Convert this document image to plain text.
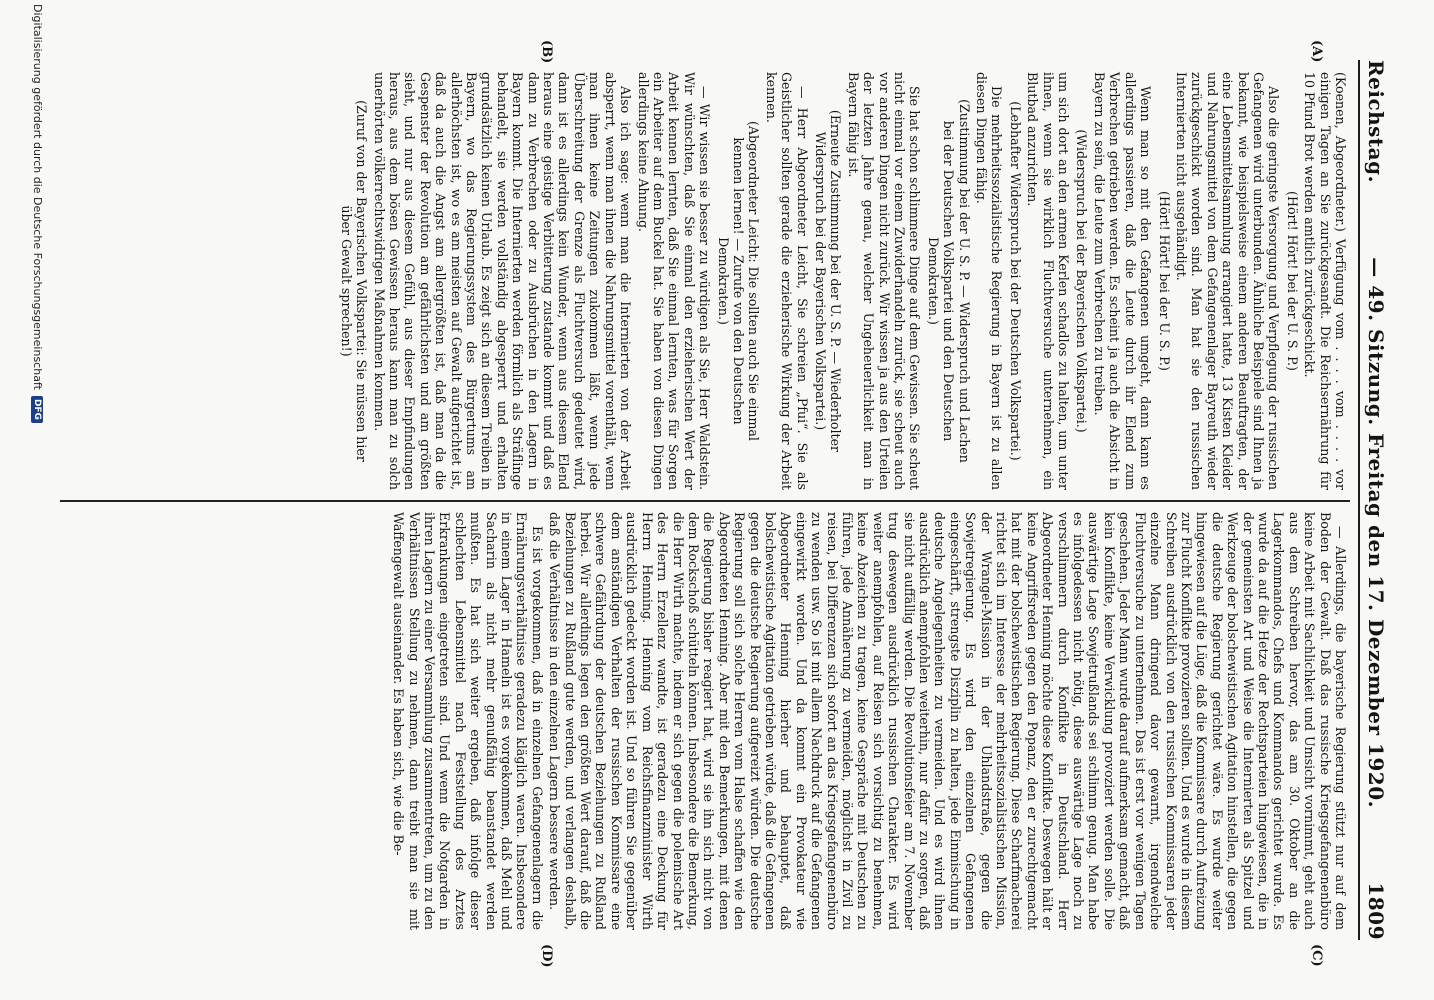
Reichstag.
— 49. Sitzung. Freitag den 17. Dezember 1920.
1809
(A)
(B)
(C)
(D)

(Koenen, Abgeordneter.) Verfügung vom . . . . vom . . . . vor einigen Tagen an Sie zurückgesandt. Die Reichsernährung für 10 Pfund Brot werden amtlich zurückgeschickt.

(Hört! Hört! bei der U. S. P.)

Also die geringste Versorgung und Verpflegung der russischen Gefangenen wird unterbunden. Ähnliche Beispiele sind Ihnen ja bekannt, wie beispielsweise einem anderen Beauftragten, der eine Lebensmittelsammlung arrangiert hatte, 13 Kisten Kleider und Nahrungsmittel von dem Gefangenenlager Bayreuth wieder zurückgeschickt worden sind. Man hat sie den russischen Internierten nicht ausgehändigt.

(Hört! Hört! bei der U. S. P.)

Wenn man so mit den Gefangenen umgeht, dann kann es allerdings passieren, daß die Leute durch ihr Elend zum Verbrechen getrieben werden. Es scheint ja auch die Absicht in Bayern zu sein, die Leute zum Verbrechen zu treiben.

(Widerspruch bei der Bayerischen Volkspartei.)

um sich dort an den armen Kerlen schadlos zu halten, um unter ihnen, wenn sie wirklich Fluchtversuche unternehmen, ein Blutbad anzurichten.

(Lebhafter Widerspruch bei der Deutschen Volkspartei.)

Die mehrheitssozialistische Regierung in Bayern ist zu allen diesen Dingen fähig.

(Zustimmung bei der U. S. P. — Widerspruch und Lachen bei der Deutschen Volkspartei und den Deutschen Demokraten.)

Sie hat schon schlimmere Dinge auf dem Gewissen. Sie scheut nicht einmal vor einem Zuwiderhandeln zurück, sie scheut auch vor anderen Dingen nicht zurück. Wir wissen ja aus den Urteilen der letzten Jahre genau, welcher Ungeheuerlichkeit man in Bayern fähig ist.

(Erneute Zustimmung bei der U. S. P. — Wiederholter Widerspruch bei der Bayerischen Volkspartei.)

— Herr Abgeordneter Leicht, Sie schreien „Pfui“. Sie als Geistlicher sollten gerade die erzieherische Wirkung der Arbeit kennen.

(Abgeordneter Leicht: Die sollten auch Sie einmal kennen lernen! — Zurufe von den Deutschen Demokraten.)

— Wir wissen sie besser zu würdigen als Sie, Herr Waldstein. Wir wünschten, daß Sie einmal den erzieherischen Wert der Arbeit kennen lernten, daß Sie einmal lernten, was für Sorgen ein Arbeiter auf dem Buckel hat. Sie haben von diesen Dingen allerdings keine Ahnung.

Also ich sage: wenn man die Internierten von der Arbeit absperrt, wenn man ihnen die Nahrungsmittel vorenthält, wenn man ihnen keine Zeitungen zukommen läßt, wenn jede Überschreitung der Grenze als Fluchtversuch gedeutet wird, dann ist es allerdings kein Wunder, wenn aus diesem Elend heraus eine geistige Verbitterung zustande kommt und daß es dann zu Verbrechen oder zu Ausbrüchen in den Lagern in Bayern kommt. Die Internierten werden förmlich als Sträflinge behandelt, sie werden vollständig abgesperrt und erhalten grundsätzlich keinen Urlaub. Es zeigt sich an diesem Treiben in Bayern, wo das Regierungssystem des Bürgertums am allerhöchsten ist, wo es am meisten auf Gewalt aufgerichtet ist, daß da auch die Angst am allergrößten ist, daß man da die Gespenster der Revolution am gefährlichsten und am größten sieht, und nur aus diesem Gefühl, aus dieser Empfindungen heraus, aus dem bösen Gewissen heraus kann man zu solch unerhörten völkerrechtswidrigen Maßnahmen kommen.

(Zuruf von der Bayerischen Volkspartei: Sie müssen hier über Gewalt sprechen!)

— Allerdings, die bayerische Regierung stützt nur auf dem Boden der Gewalt. Daß das russische Kriegsgefangenenbüro keine Arbeit mit Sachlichkeit und Umsicht vornimmt, geht auch aus dem Schreiben hervor, das am 30. Oktober an die Lagerkommandos, Chefs und Kommandos gerichtet wurde. Es wurde da auf die Hetze der Rechtsparteien hingewiesen, die in der gemeinsten Art und Weise die Internierten als Spitzel und Werkzeuge der bolschewistischen Agitation hinstellen, die gegen die deutsche Regierung gerichtet wäre. Es wurde weiter hingewiesen auf die Lüge, daß die Kommissare durch Aufreizung zur Flucht Konflikte provozieren sollten. Und es wurde in diesem Schreiben ausdrücklich von den russischen Kommissaren jeder einzelne Mann dringend davor gewarnt, irgendwelche Fluchtversuche zu unternehmen. Das ist erst vor wenigen Tagen geschehen. Jeder Mann wurde darauf aufmerksam gemacht, daß kein Konflikte, keine Verwicklung provoziert werden solle. Die auswärtige Lage Sowjetrußlands sei schlimm genug. Man habe es infolgedessen nicht nötig, diese auswärtige Lage noch zu verschlimmern durch Konflikte in Deutschland. Herr Abgeordneter Henning möchte diese Konflikte. Deswegen hält er keine Angriffsreden gegen den Popanz, den er zurechtgemacht hat mit der bolschewistischen Regierung. Diese Scharfmacherei richtet sich im Interesse der mehrheitssozialistischen Mission, der Wrangel-Mission in der Uhlandstraße, gegen die Sowjetregierung. Es wird den einzelnen Gefangenen eingeschärft, strengste Disziplin zu halten, jede Einmischung in deutsche Angelegenheiten zu vermeiden. Und es wird ihnen ausdrücklich anempfohlen weiterhin, nur dafür zu sorgen, daß sie nicht auffällig werden. Die Revolutionsfeier am 7. November trug deswegen ausdrücklich russischen Charakter. Es wird weiter anempfohlen, auf Reisen sich vorsichtig zu benehmen, keine Abzeichen zu tragen, keine Gespräche mit Deutschen zu führen, jede Annäherung zu vermeiden, möglichst in Zivil zu reisen, bei Differenzen sich sofort an das Kriegsgefangenenbüro zu wenden usw. So ist mit allem Nachdruck auf die Gefangenen eingewirkt worden. Und da kommt ein Provokateur wie Abgeordneter Henning hierher und behauptet, daß bolschewistische Agitation getrieben würde, daß die Gefangenen gegen die deutsche Regierung aufgereizt würden. Die deutsche Regierung soll sich solche Herren vom Halse schaffen wie den Abgeordneten Henning. Aber mit den Bemerkungen, mit denen die Regierung bisher reagiert hat, wird sie ihn sich nicht von dem Rockschoß schütteln können. Insbesondere die Bemerkung, die Herr Wirth machte, indem er sich gegen die polemische Art des Herrn Erzellenz wandte, ist geradezu eine Deckung für Herrn Henning. Henning vom Reichsfinanzminister Wirth ausdrücklich gedeckt worden ist. Und so führen Sie gegenüber dem anständigen Verhalten der russischen Kommissare eine schwere Gefährdung der deutschen Beziehungen zu Rußland herbei. Wir allerdings legen den größten Wert darauf, daß die Beziehungen zu Rußland gute werden, und verlangen deshalb, daß die Verhältnisse in den einzelnen Lagern bessere werden.

Es ist vorgekommen, daß in einzelnen Gefangenenlagern die Ernährungsverhältnisse geradezu kläglich waren. Insbesondere in einem Lager in Hameln ist es vorgekommen, daß Mehl und Sacharin als nicht mehr genußfähig beanstandet werden mußten. Es hat sich weiter ergeben, daß infolge dieser schlechten Lebensmittel nach Feststellung des Arztes Erkrankungen eingetreten sind. Und wenn die Notgarden in ihren Lagern zu einer Versammlung zusammentreten, um zu den Verhältnissen Stellung zu nehmen, dann treibt man sie mit Waffengewalt auseinander. Es haben sich, wie die Be-

Digitalisierung gefördert durch die Deutsche Forschungsgemeinschaft
DFG
